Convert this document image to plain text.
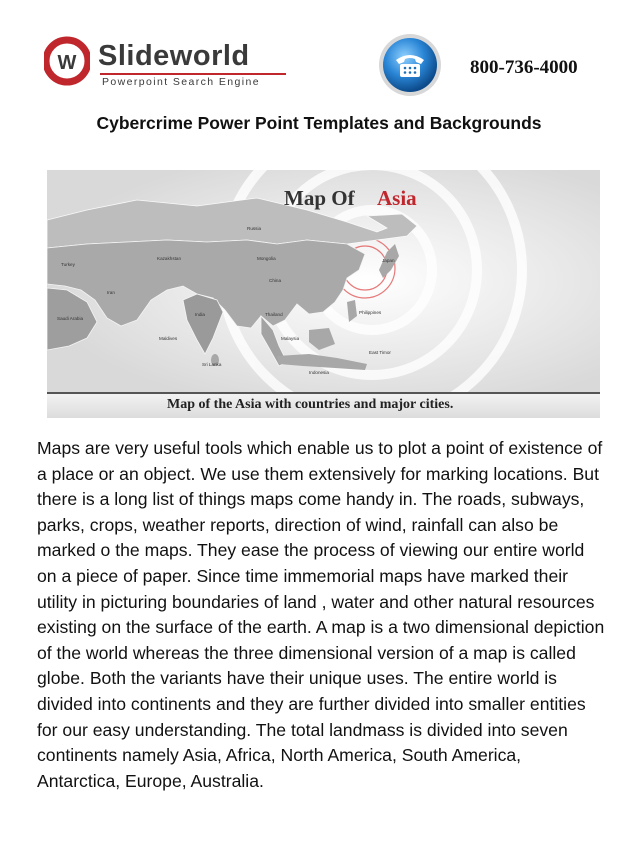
W Slideworld
Powerpoint Search Engine
800-736-4000
Cybercrime Power Point Templates and Backgrounds
Russia
Mongolia
China
Kazakhstan	Japan
India
Iran
Philippines
Malaysia
Indonesia
Sri Lanka
Maldives
Saudi Arabia
Turkey
Thailand
East Timor
Map Of Asia
Map of the Asia with countries and major cities.

Maps are very useful tools which enable us to plot a point of existence of a place or an object. We use them extensively for marking locations. But there is a long list of things maps come handy in. The roads, subways, parks, crops, weather reports, direction of wind, rainfall can also be marked o the maps. They ease the process of viewing our entire world on a piece of paper. Since time immemorial maps have marked their utility in picturing boundaries of land , water and other natural resources existing on the surface of the earth. A map is a two dimensional depiction of the world whereas the three dimensional version of a map is called globe. Both the variants have their unique uses. The entire world is divided into continents and they are further divided into smaller entities for our easy understanding. The total landmass is divided into seven continents namely Asia, Africa, North America, South America, Antarctica, Europe, Australia.
